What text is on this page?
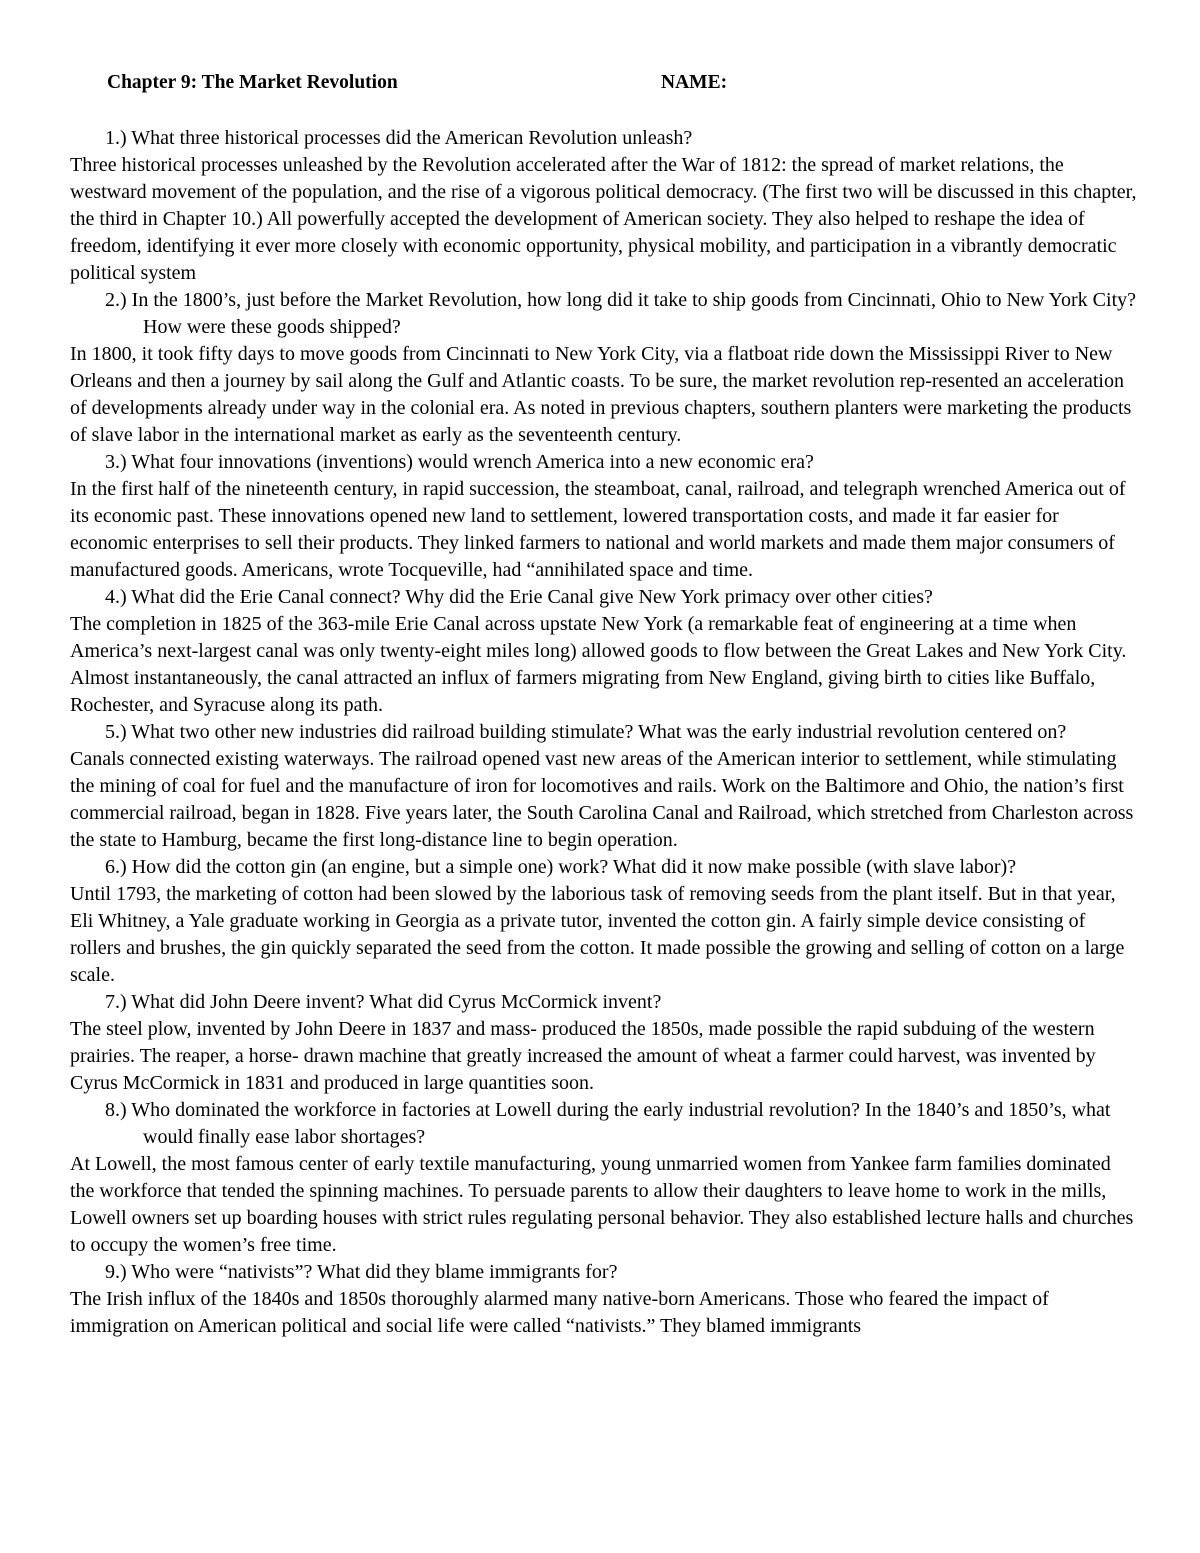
Chapter 9: The Market Revolution	NAME:

1.) What three historical processes did the American Revolution unleash?

Three historical processes unleashed by the Revolution accelerated after the War of 1812: the spread of market relations, the westward movement of the population, and the rise of a vigorous political democracy. (The first two will be discussed in this chapter, the third in Chapter 10.) All powerfully accepted the development of American society. They also helped to reshape the idea of freedom, identifying it ever more closely with economic opportunity, physical mobility, and participation in a vibrantly democratic political system

2.) In the 1800’s, just before the Market Revolution, how long did it take to ship goods from Cincinnati, Ohio to New York City? How were these goods shipped?

In 1800, it took fifty days to move goods from Cincinnati to New York City, via a flatboat ride down the Mississippi River to New Orleans and then a journey by sail along the Gulf and Atlantic coasts. To be sure, the market revolution rep-resented an acceleration of developments already under way in the colonial era. As noted in previous chapters, southern planters were marketing the products of slave labor in the international market as early as the seventeenth century.

3.) What four innovations (inventions) would wrench America into a new economic era?

In the first half of the nineteenth century, in rapid succession, the steamboat, canal, railroad, and telegraph wrenched America out of its economic past. These innovations opened new land to settlement, lowered transportation costs, and made it far easier for economic enterprises to sell their products. They linked farmers to national and world markets and made them major consumers of manufactured goods. Americans, wrote Tocqueville, had “annihilated space and time.

4.) What did the Erie Canal connect? Why did the Erie Canal give New York primacy over other cities?

The completion in 1825 of the 363-mile Erie Canal across upstate New York (a remarkable feat of engineering at a time when America’s next-largest canal was only twenty-eight miles long) allowed goods to flow between the Great Lakes and New York City. Almost instantaneously, the canal attracted an influx of farmers migrating from New England, giving birth to cities like Buffalo, Rochester, and Syracuse along its path.

5.) What two other new industries did railroad building stimulate? What was the early industrial revolution centered on?

Canals connected existing waterways. The railroad opened vast new areas of the American interior to settlement, while stimulating the mining of coal for fuel and the manufacture of iron for locomotives and rails. Work on the Baltimore and Ohio, the nation’s first commercial railroad, began in 1828. Five years later, the South Carolina Canal and Railroad, which stretched from Charleston across the state to Hamburg, became the first long-distance line to begin operation.

6.) How did the cotton gin (an engine, but a simple one) work? What did it now make possible (with slave labor)?

Until 1793, the marketing of cotton had been slowed by the laborious task of removing seeds from the plant itself. But in that year, Eli Whitney, a Yale graduate working in Georgia as a private tutor, invented the cotton gin. A fairly simple device consisting of rollers and brushes, the gin quickly separated the seed from the cotton. It made possible the growing and selling of cotton on a large scale.

7.) What did John Deere invent? What did Cyrus McCormick invent?

The steel plow, invented by John Deere in 1837 and mass- produced the 1850s, made possible the rapid subduing of the western prairies. The reaper, a horse- drawn machine that greatly increased the amount of wheat a farmer could harvest, was invented by Cyrus McCormick in 1831 and produced in large quantities soon.

8.) Who dominated the workforce in factories at Lowell during the early industrial revolution? In the 1840’s and 1850’s, what would finally ease labor shortages?

At Lowell, the most famous center of early textile manufacturing, young unmarried women from Yankee farm families dominated the workforce that tended the spinning machines. To persuade parents to allow their daughters to leave home to work in the mills, Lowell owners set up boarding houses with strict rules regulating personal behavior. They also established lecture halls and churches to occupy the women’s free time.

9.) Who were “nativists”? What did they blame immigrants for?

The Irish influx of the 1840s and 1850s thoroughly alarmed many native-born Americans. Those who feared the impact of immigration on American political and social life were called “nativists.” They blamed immigrants
